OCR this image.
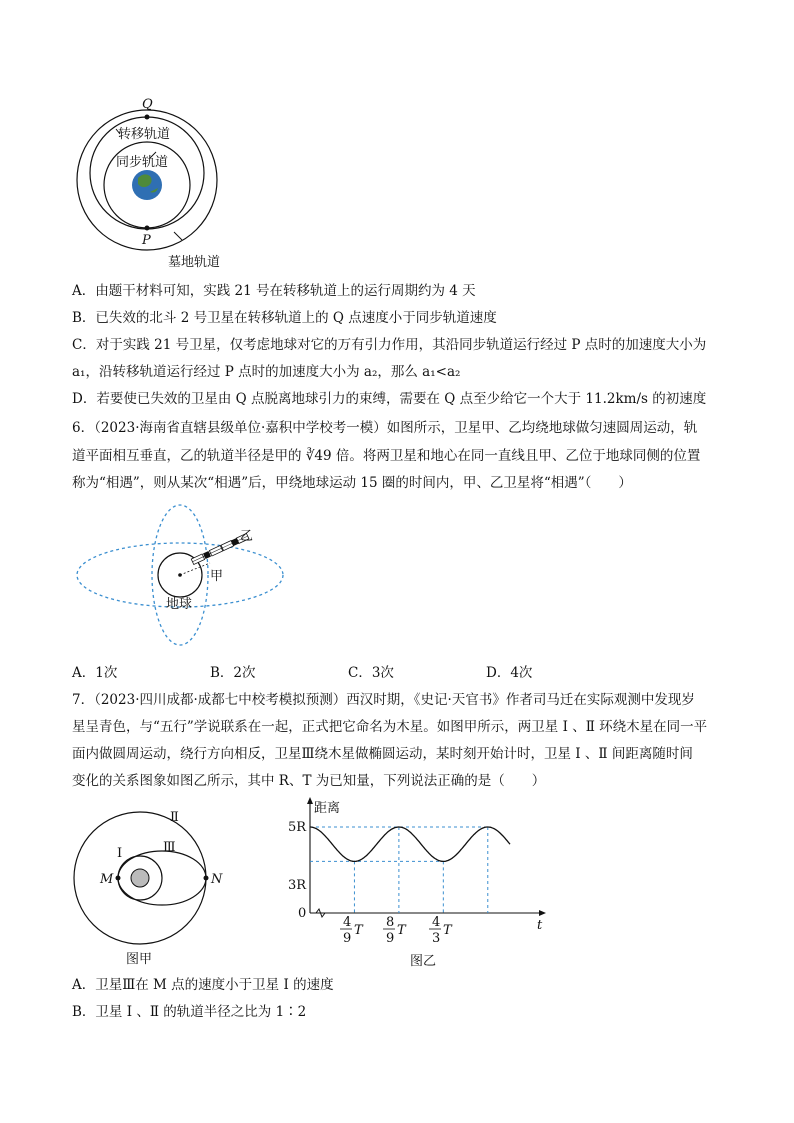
Q
转移轨道
同步轨道
P
墓地轨道
A．由题干材料可知，实践 21 号在转移轨道上的运行周期约为 4 天
B．已失效的北斗 2 号卫星在转移轨道上的 Q 点速度小于同步轨道速度
C．对于实践 21 号卫星，仅考虑地球对它的万有引力作用，其沿同步轨道运行经过 P 点时的加速度大小为
a₁，沿转移轨道运行经过 P 点时的加速度大小为 a₂，那么 a₁<a₂
D．若要使已失效的卫星由 Q 点脱离地球引力的束缚，需要在 Q 点至少给它一个大于 11.2km/s 的初速度
6．（2023·海南省直辖县级单位·嘉积中学校考一模）如图所示，卫星甲、乙均绕地球做匀速圆周运动，轨
道平面相互垂直，乙的轨道半径是甲的 ∛49 倍。将两卫星和地心在同一直线且甲、乙位于地球同侧的位置
称为“相遇”，则从某次“相遇”后，甲绕地球运动 15 圈的时间内，甲、乙卫星将“相遇”（　　）
乙
甲
地球
A．1次	B．2次	C．3次	D．4次
7．（2023·四川成都·成都七中校考模拟预测）西汉时期，《史记·天官书》作者司马迁在实际观测中发现岁
星呈青色，与“五行”学说联系在一起，正式把它命名为木星。如图甲所示，两卫星 Ⅰ 、Ⅱ 环绕木星在同一平
面内做圆周运动，绕行方向相反，卫星Ⅲ绕木星做椭圆运动，某时刻开始计时，卫星 Ⅰ 、Ⅱ 间距离随时间
变化的关系图象如图乙所示，其中 R、T 为已知量，下列说法正确的是（　　）
Ⅰ	Ⅲ
Ⅱ
M	N
图甲
距离
5R
3R
0
t
4
9
T
8
9
T
4
3
T
图乙
A．卫星Ⅲ在 M 点的速度小于卫星 Ⅰ 的速度
B．卫星 Ⅰ 、Ⅱ 的轨道半径之比为 1∶2
